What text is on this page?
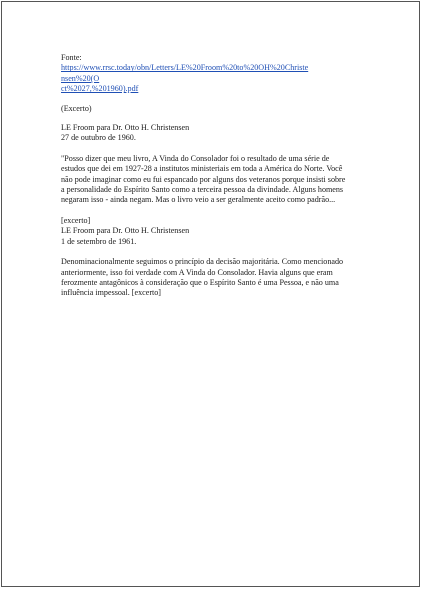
Fonte:

https://www.rrsc.today/obn/Letters/LE%20Froom%20to%20OH%20Christensen%20(O
ct%2027,%201960).pdf

(Excerto)

LE Froom para Dr. Otto H. Christensen

27 de outubro de 1960.

"Posso dizer que meu livro, A Vinda do Consolador foi o resultado de uma série de

estudos que dei em 1927-28 a institutos ministeriais em toda a América do Norte. Você

não pode imaginar como eu fui espancado por alguns dos veteranos porque insisti sobre

a personalidade do Espírito Santo como a terceira pessoa da divindade. Alguns homens

negaram isso - ainda negam. Mas o livro veio a ser geralmente aceito como padrão...

[excerto]

LE Froom para Dr. Otto H. Christensen

1 de setembro de 1961.

Denominacionalmente seguimos o princípio da decisão majoritária. Como mencionado

anteriormente, isso foi verdade com A Vinda do Consolador. Havia alguns que eram

ferozmente antagônicos à consideração que o Espírito Santo é uma Pessoa, e não uma

influência impessoal. [excerto]
